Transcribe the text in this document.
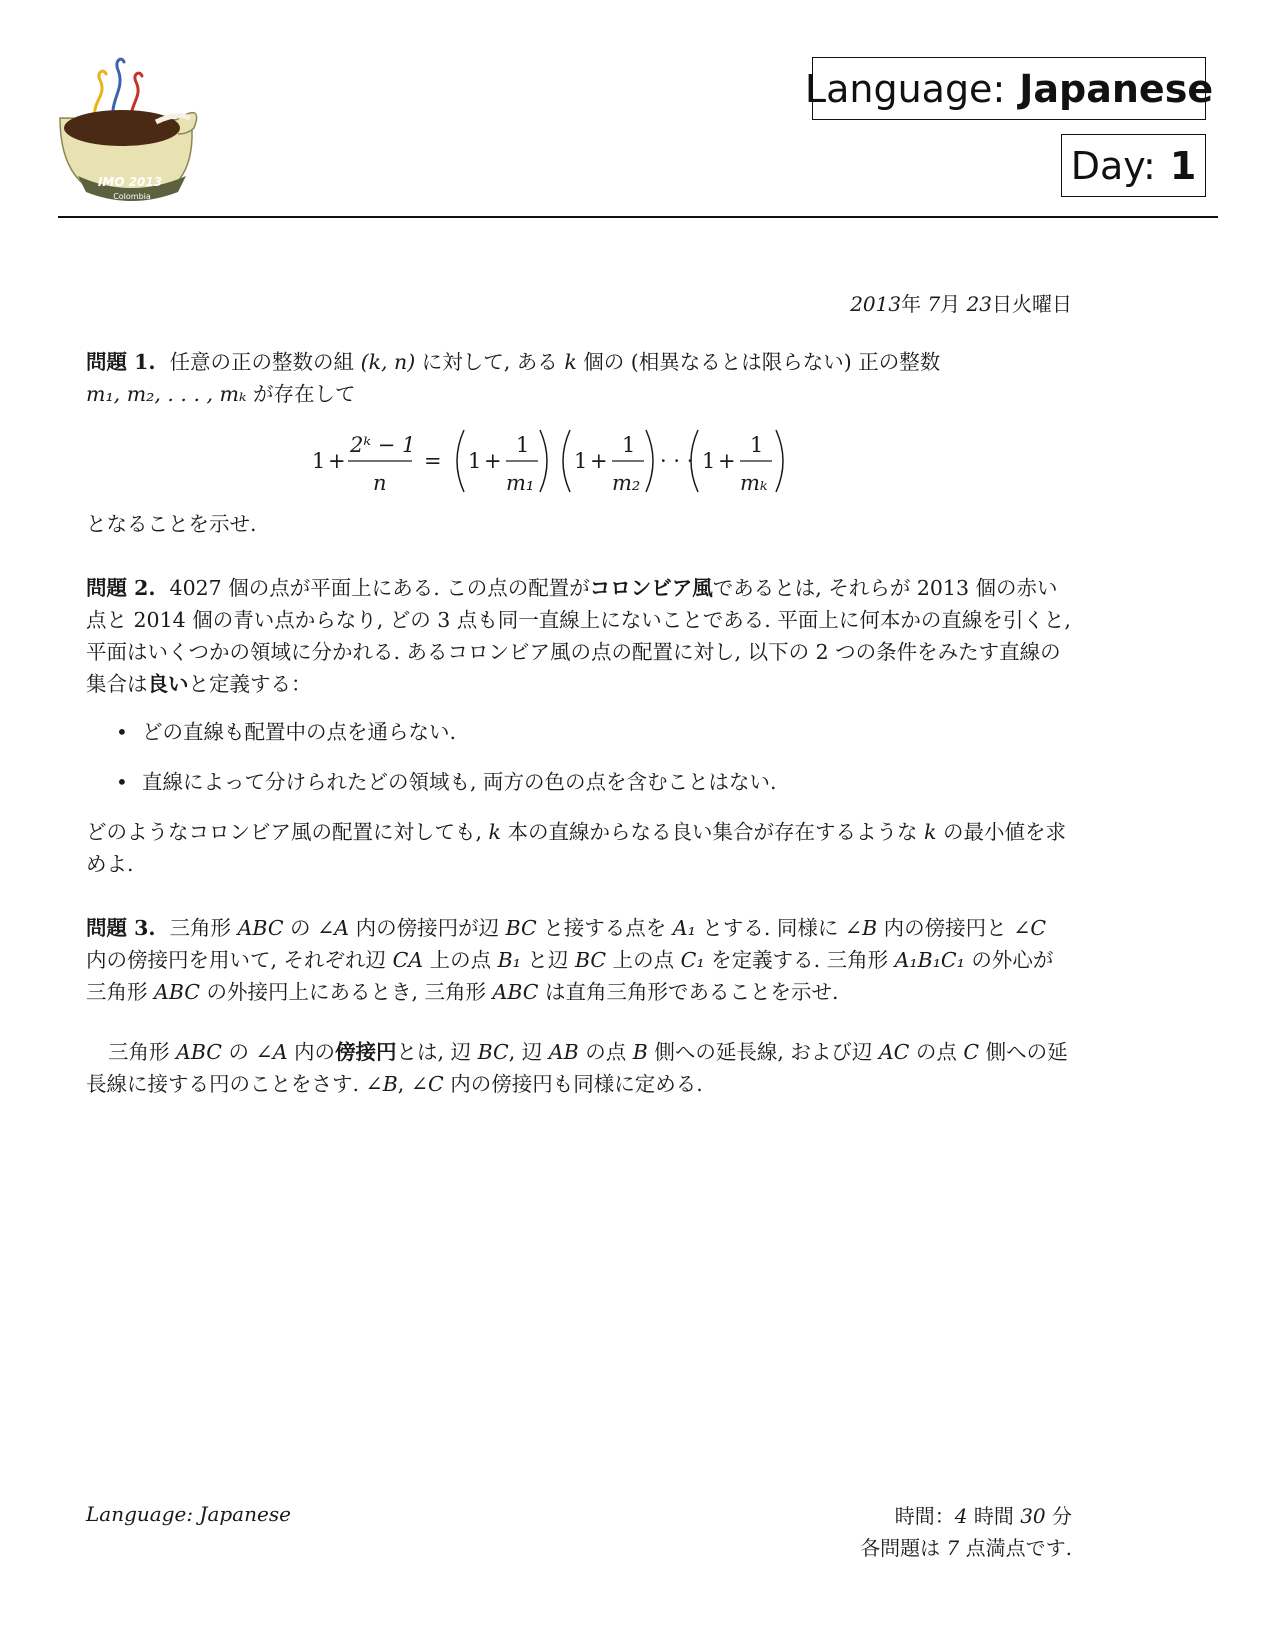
IMO 2013
Colombia
Language: Japanese
Day: 1
2013年 7月 23日火曜日

問題 1. 任意の正の整数の組 (k, n) に対して, ある k 個の (相異なるとは限らない) 正の整数
m₁, m₂, . . . , mₖ が存在して

1 +
2ᵏ − 1
n
= 1 +
1
m₁
1 +
1
m₂
· · · 1 +
1
mₖ

となることを示せ.

問題 2. 4027 個の点が平面上にある. この点の配置がコロンビア風であるとは, それらが 2013 個の赤い点と 2014 個の青い点からなり, どの 3 点も同一直線上にないことである. 平面上に何本かの直線を引くと, 平面はいくつかの領域に分かれる. あるコロンビア風の点の配置に対し, 以下の 2 つの条件をみたす直線の集合は良いと定義する：

• どの直線も配置中の点を通らない.
• 直線によって分けられたどの領域も, 両方の色の点を含むことはない.

どのようなコロンビア風の配置に対しても, k 本の直線からなる良い集合が存在するような k の最小値を求めよ.

問題 3. 三角形 ABC の ∠A 内の傍接円が辺 BC と接する点を A₁ とする. 同様に ∠B 内の傍接円と ∠C 内の傍接円を用いて, それぞれ辺 CA 上の点 B₁ と辺 BC 上の点 C₁ を定義する. 三角形 A₁B₁C₁ の外心が三角形 ABC の外接円上にあるとき, 三角形 ABC は直角三角形であることを示せ.

三角形 ABC の ∠A 内の傍接円とは, 辺 BC, 辺 AB の点 B 側への延長線, および辺 AC の点 C 側への延長線に接する円のことをさす. ∠B, ∠C 内の傍接円も同様に定める.

Language: Japanese	時間：4 時間 30 分
各問題は 7 点満点です.
